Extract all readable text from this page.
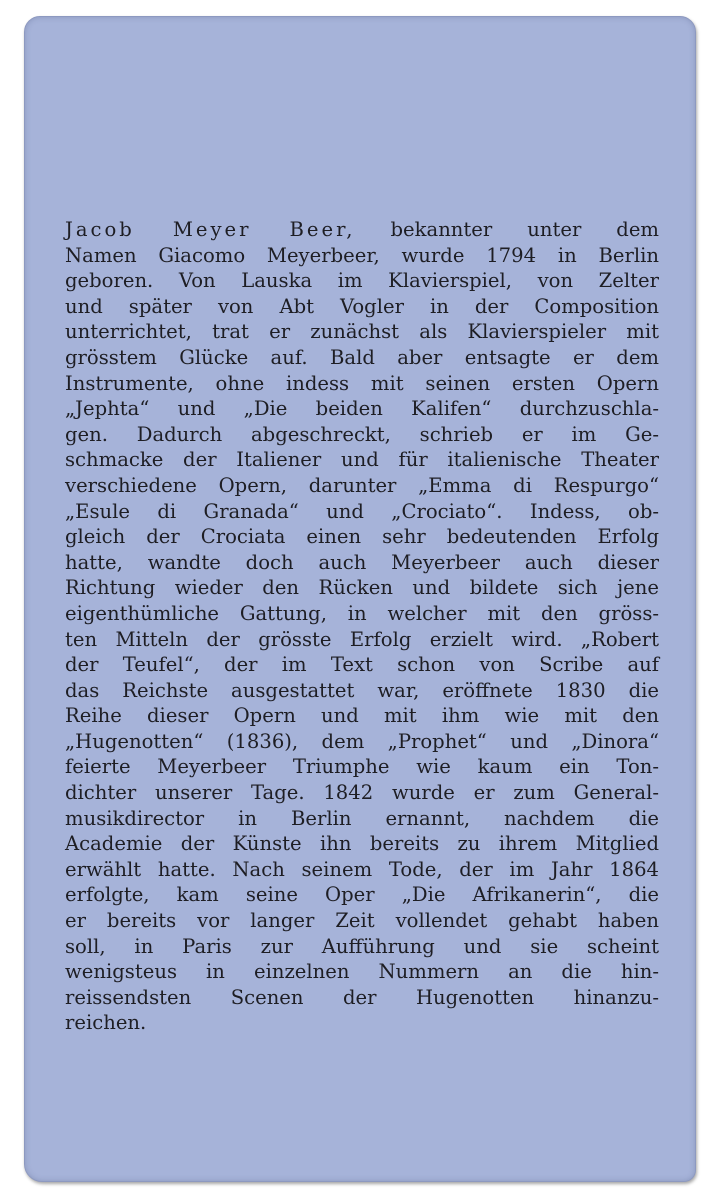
Jacob Meyer Beer, bekannter unter dem
Namen Giacomo Meyerbeer, wurde 1794 in Berlin
geboren. Von Lauska im Klavierspiel, von Zelter
und später von Abt Vogler in der Composition
unterrichtet, trat er zunächst als Klavierspieler mit
grösstem Glücke auf. Bald aber entsagte er dem
Instrumente, ohne indess mit seinen ersten Opern
„Jephta“ und „Die beiden Kalifen“ durchzuschla-
gen. Dadurch abgeschreckt, schrieb er im Ge-
schmacke der Italiener und für italienische Theater
verschiedene Opern, darunter „Emma di Respurgo“
„Esule di Granada“ und „Crociato“. Indess, ob-
gleich der Crociata einen sehr bedeutenden Erfolg
hatte, wandte doch auch Meyerbeer auch dieser
Richtung wieder den Rücken und bildete sich jene
eigenthümliche Gattung, in welcher mit den gröss-
ten Mitteln der grösste Erfolg erzielt wird. „Robert
der Teufel“, der im Text schon von Scribe auf
das Reichste ausgestattet war, eröffnete 1830 die
Reihe dieser Opern und mit ihm wie mit den
„Hugenotten“ (1836), dem „Prophet“ und „Dinora“
feierte Meyerbeer Triumphe wie kaum ein Ton-
dichter unserer Tage. 1842 wurde er zum General-
musikdirector in Berlin ernannt, nachdem die
Academie der Künste ihn bereits zu ihrem Mitglied
erwählt hatte. Nach seinem Tode, der im Jahr 1864
erfolgte, kam seine Oper „Die Afrikanerin“, die
er bereits vor langer Zeit vollendet gehabt haben
soll, in Paris zur Aufführung und sie scheint
wenigsteus in einzelnen Nummern an die hin-
reissendsten Scenen der Hugenotten hinanzu-
reichen.
